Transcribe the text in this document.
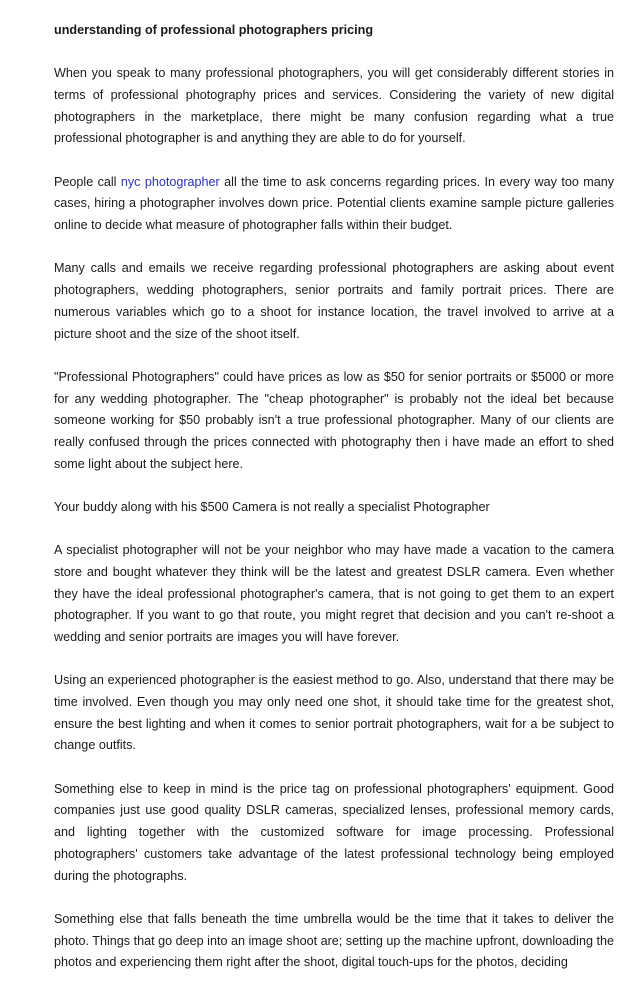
understanding of professional photographers pricing

When you speak to many professional photographers, you will get considerably different stories in terms of professional photography prices and services. Considering the variety of new digital photographers in the marketplace, there might be many confusion regarding what a true professional photographer is and anything they are able to do for yourself.

People call nyc photographer all the time to ask concerns regarding prices. In every way too many cases, hiring a photographer involves down price. Potential clients examine sample picture galleries online to decide what measure of photographer falls within their budget.

Many calls and emails we receive regarding professional photographers are asking about event photographers, wedding photographers, senior portraits and family portrait prices. There are numerous variables which go to a shoot for instance location, the travel involved to arrive at a picture shoot and the size of the shoot itself.

"Professional Photographers" could have prices as low as $50 for senior portraits or $5000 or more for any wedding photographer. The "cheap photographer" is probably not the ideal bet because someone working for $50 probably isn't a true professional photographer. Many of our clients are really confused through the prices connected with photography then i have made an effort to shed some light about the subject here.

Your buddy along with his $500 Camera is not really a specialist Photographer

A specialist photographer will not be your neighbor who may have made a vacation to the camera store and bought whatever they think will be the latest and greatest DSLR camera. Even whether they have the ideal professional photographer's camera, that is not going to get them to an expert photographer. If you want to go that route, you might regret that decision and you can't re-shoot a wedding and senior portraits are images you will have forever.

Using an experienced photographer is the easiest method to go. Also, understand that there may be time involved. Even though you may only need one shot, it should take time for the greatest shot, ensure the best lighting and when it comes to senior portrait photographers, wait for a be subject to change outfits.

Something else to keep in mind is the price tag on professional photographers' equipment. Good companies just use good quality DSLR cameras, specialized lenses, professional memory cards, and lighting together with the customized software for image processing. Professional photographers' customers take advantage of the latest professional technology being employed during the photographs.

Something else that falls beneath the time umbrella would be the time that it takes to deliver the photo. Things that go deep into an image shoot are; setting up the machine upfront, downloading the photos and experiencing them right after the shoot, digital touch-ups for the photos, deciding
